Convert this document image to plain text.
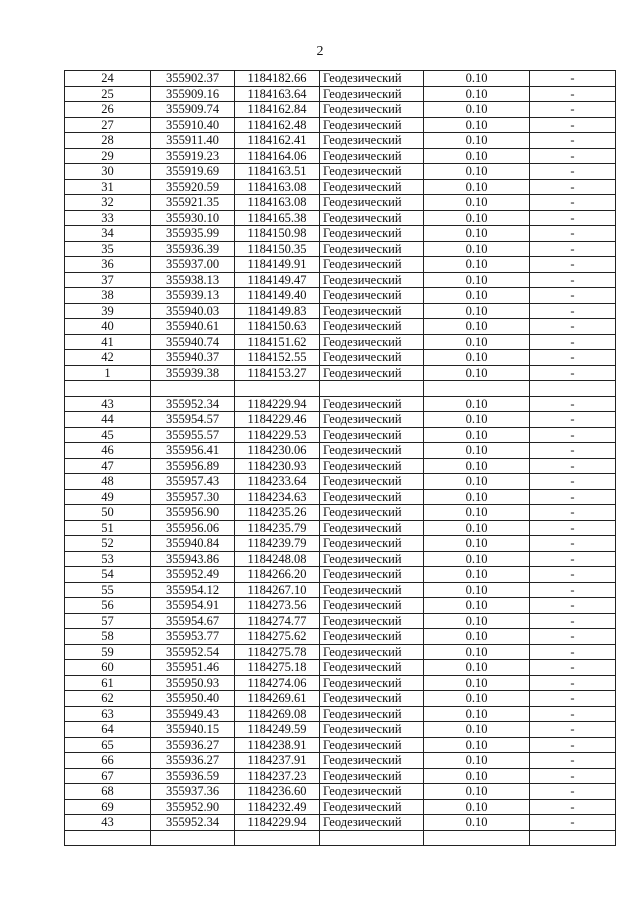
2
24	355902.37	1184182.66	Геодезический	0.10	-
25	355909.16	1184163.64	Геодезический	0.10	-
26	355909.74	1184162.84	Геодезический	0.10	-
27	355910.40	1184162.48	Геодезический	0.10	-
28	355911.40	1184162.41	Геодезический	0.10	-
29	355919.23	1184164.06	Геодезический	0.10	-
30	355919.69	1184163.51	Геодезический	0.10	-
31	355920.59	1184163.08	Геодезический	0.10	-
32	355921.35	1184163.08	Геодезический	0.10	-
33	355930.10	1184165.38	Геодезический	0.10	-
34	355935.99	1184150.98	Геодезический	0.10	-
35	355936.39	1184150.35	Геодезический	0.10	-
36	355937.00	1184149.91	Геодезический	0.10	-
37	355938.13	1184149.47	Геодезический	0.10	-
38	355939.13	1184149.40	Геодезический	0.10	-
39	355940.03	1184149.83	Геодезический	0.10	-
40	355940.61	1184150.63	Геодезический	0.10	-
41	355940.74	1184151.62	Геодезический	0.10	-
42	355940.37	1184152.55	Геодезический	0.10	-
1	355939.38	1184153.27	Геодезический	0.10	-

43	355952.34	1184229.94	Геодезический	0.10	-
44	355954.57	1184229.46	Геодезический	0.10	-
45	355955.57	1184229.53	Геодезический	0.10	-
46	355956.41	1184230.06	Геодезический	0.10	-
47	355956.89	1184230.93	Геодезический	0.10	-
48	355957.43	1184233.64	Геодезический	0.10	-
49	355957.30	1184234.63	Геодезический	0.10	-
50	355956.90	1184235.26	Геодезический	0.10	-
51	355956.06	1184235.79	Геодезический	0.10	-
52	355940.84	1184239.79	Геодезический	0.10	-
53	355943.86	1184248.08	Геодезический	0.10	-
54	355952.49	1184266.20	Геодезический	0.10	-
55	355954.12	1184267.10	Геодезический	0.10	-
56	355954.91	1184273.56	Геодезический	0.10	-
57	355954.67	1184274.77	Геодезический	0.10	-
58	355953.77	1184275.62	Геодезический	0.10	-
59	355952.54	1184275.78	Геодезический	0.10	-
60	355951.46	1184275.18	Геодезический	0.10	-
61	355950.93	1184274.06	Геодезический	0.10	-
62	355950.40	1184269.61	Геодезический	0.10	-
63	355949.43	1184269.08	Геодезический	0.10	-
64	355940.15	1184249.59	Геодезический	0.10	-
65	355936.27	1184238.91	Геодезический	0.10	-
66	355936.27	1184237.91	Геодезический	0.10	-
67	355936.59	1184237.23	Геодезический	0.10	-
68	355937.36	1184236.60	Геодезический	0.10	-
69	355952.90	1184232.49	Геодезический	0.10	-
43	355952.34	1184229.94	Геодезический	0.10	-
